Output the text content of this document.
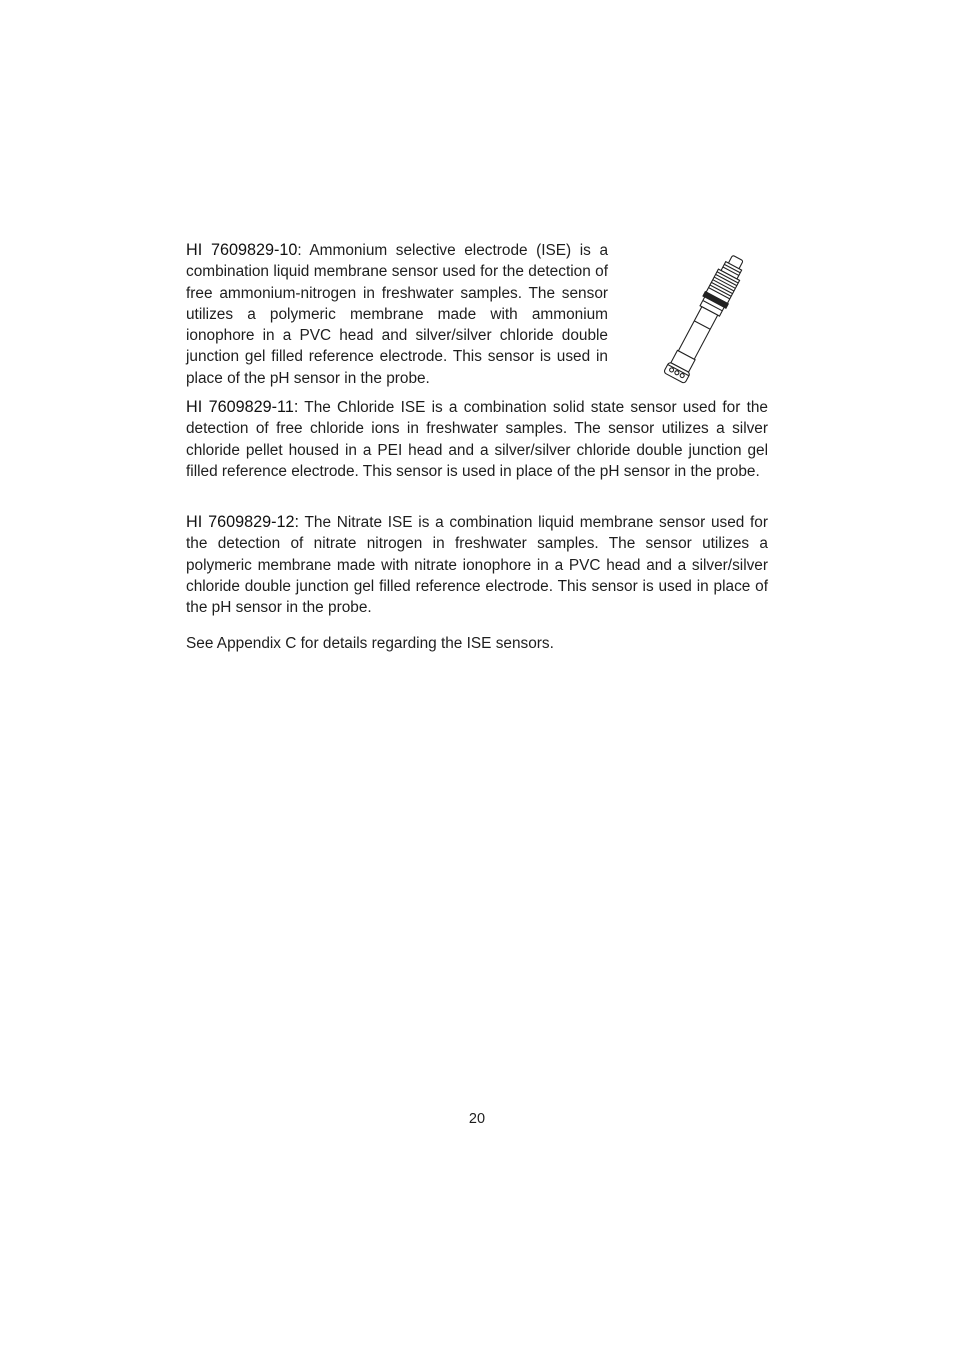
HI 7609829-10: Ammonium selective electrode (ISE) is a combination liquid membrane sensor used for the detection of free ammonium-nitrogen in freshwater samples. The sensor utilizes a polymeric membrane made with ammonium ionophore in a PVC head and silver/silver chloride double junction gel filled reference electrode. This sensor is used in place of the pH sensor in the probe.

HI 7609829-11: The Chloride ISE is a combination solid state sensor used for the detection of free chloride ions in freshwater samples. The sensor utilizes a silver chloride pellet housed in a PEI head and a silver/silver chloride double junction gel filled reference electrode. This sensor is used in place of the pH sensor in the probe.

HI 7609829-12: The Nitrate ISE is a combination liquid membrane sensor used for the detection of nitrate nitrogen in freshwater samples. The sensor utilizes a polymeric membrane made with nitrate ionophore in a PVC head and a silver/silver chloride double junction gel filled reference electrode. This sensor is used in place of the pH sensor in the probe.

See Appendix C for details regarding the ISE sensors.

20
